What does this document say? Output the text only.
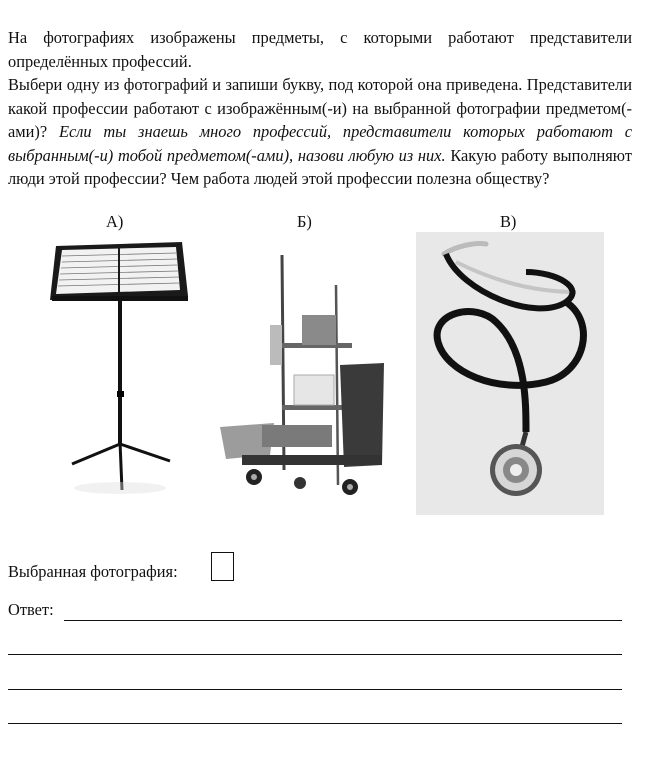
На фотографиях изображены предметы, с которыми работают представители определённых профессий.

Выбери одну из фотографий и запиши букву, под которой она приведена. Представители какой профессии работают с изображённым(-и) на выбранной фотографии предметом(-ами)? Если ты знаешь много профессий, представители которых работают с выбранным(-и) тобой предметом(-ами), назови любую из них. Какую работу выполняют люди этой профессии? Чем работа людей этой профессии полезна обществу?

А)	Б)	В)
Выбранная фотография:
Ответ:
